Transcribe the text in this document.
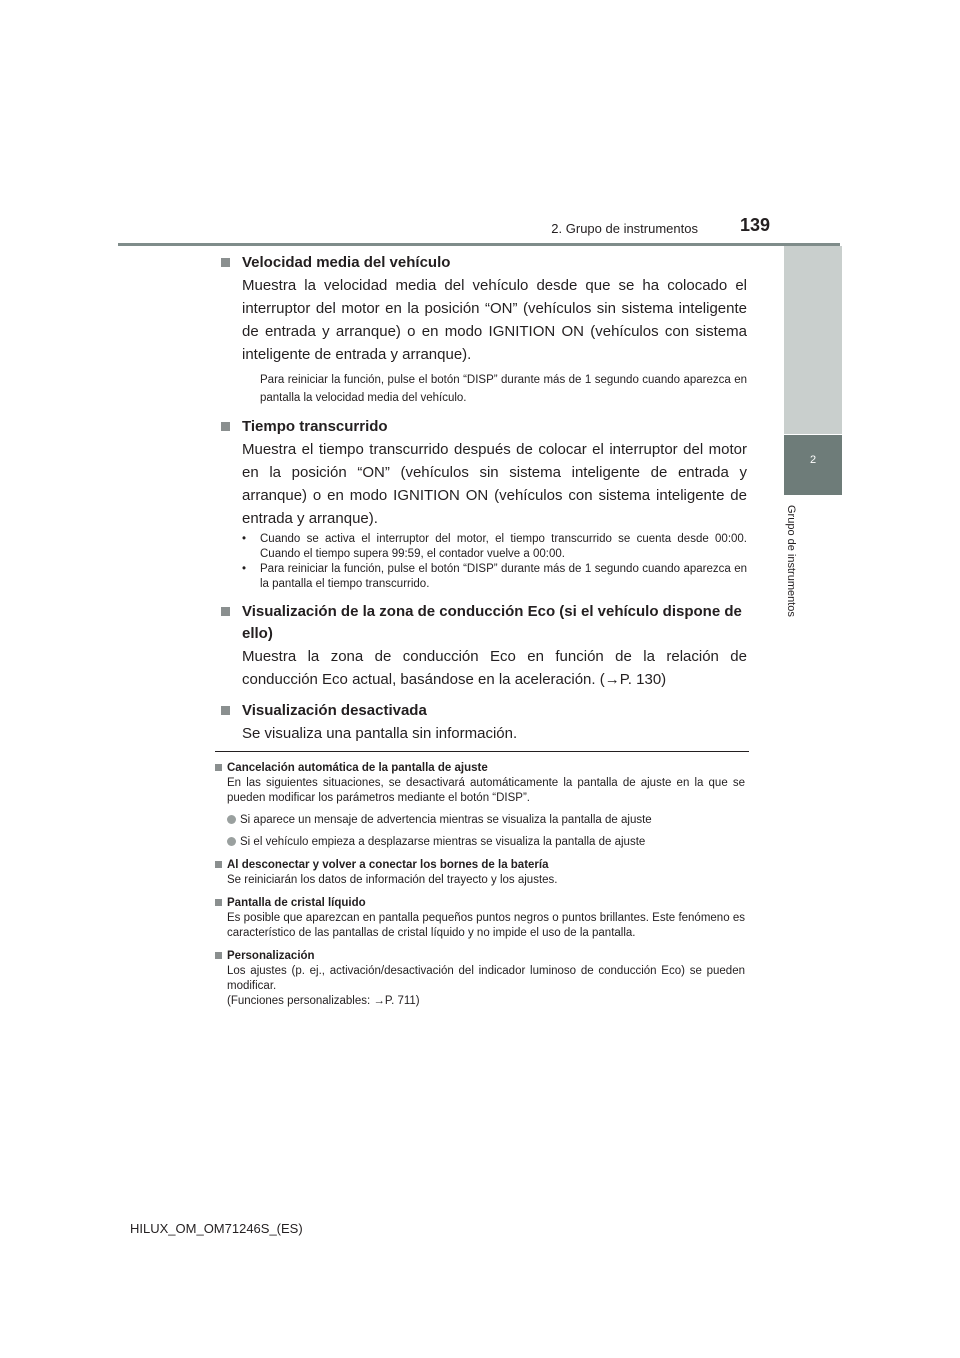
2. Grupo de instrumentos 139
2
Grupo de instrumentos
Velocidad media del vehículo
Muestra la velocidad media del vehículo desde que se ha colocado el interruptor del motor en la posición “ON” (vehículos sin sistema inteligente de entrada y arranque) o en modo IGNITION ON (vehículos con sistema inteligente de entrada y arranque).
Para reiniciar la función, pulse el botón “DISP” durante más de 1 segundo cuando aparezca en pantalla la velocidad media del vehículo.
Tiempo transcurrido
Muestra el tiempo transcurrido después de colocar el interruptor del motor en la posición “ON” (vehículos sin sistema inteligente de entrada y arranque) o en modo IGNITION ON (vehículos con sistema inteligente de entrada y arranque).
•	Cuando se activa el interruptor del motor, el tiempo transcurrido se cuenta desde 00:00. Cuando el tiempo supera 99:59, el contador vuelve a 00:00.
•	Para reiniciar la función, pulse el botón “DISP” durante más de 1 segundo cuando aparezca en la pantalla el tiempo transcurrido.
Visualización de la zona de conducción Eco (si el vehículo dispone de ello)
Muestra la zona de conducción Eco en función de la relación de conducción Eco actual, basándose en la aceleración. (→P. 130)
Visualización desactivada
Se visualiza una pantalla sin información.
Cancelación automática de la pantalla de ajuste
En las siguientes situaciones, se desactivará automáticamente la pantalla de ajuste en la que se pueden modificar los parámetros mediante el botón “DISP”.
Si aparece un mensaje de advertencia mientras se visualiza la pantalla de ajuste
Si el vehículo empieza a desplazarse mientras se visualiza la pantalla de ajuste
Al desconectar y volver a conectar los bornes de la batería
Se reiniciarán los datos de información del trayecto y los ajustes.
Pantalla de cristal líquido
Es posible que aparezcan en pantalla pequeños puntos negros o puntos brillantes. Este fenómeno es característico de las pantallas de cristal líquido y no impide el uso de la pantalla.
Personalización
Los ajustes (p. ej., activación/desactivación del indicador luminoso de conducción Eco) se pueden modificar.
(Funciones personalizables: →P. 711)
HILUX_OM_OM71246S_(ES)
